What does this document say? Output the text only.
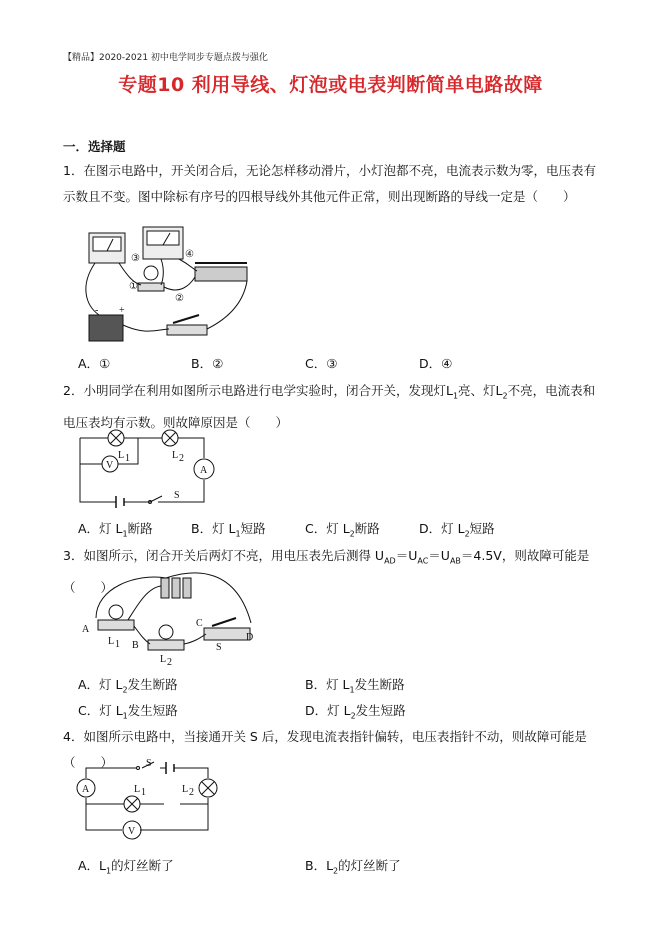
【精品】2020-2021 初中电学同步专题点拨与强化
专题10 利用导线、灯泡或电表判断简单电路故障
一．选择题
1．在图示电路中，开关闭合后，无论怎样移动滑片，小灯泡都不亮，电流表示数为零，电压表有示数且不变。图中除标有序号的四根导线外其他元件正常，则出现断路的导线一定是（　　）
①
②
③	④
+
-
A．①	B．②	C．③	D．④
2．小明同学在利用如图所示电路进行电学实验时，闭合开关，发现灯$L_1$亮、灯$L_2$不亮，电流表和电压表均有示数。则故障原因是（　　）
V	A
S
L 1	L 2
A．灯 $L_1$断路	B．灯 $L_1$短路	C．灯 $L_2$断路	D．灯 $L_2$短路
3．如图所示，闭合开关后两灯不亮，用电压表先后测得 $U_{AD}=U_{AC}=U_{AB}=4.5V$，则故障可能是（　　）
A
B
C
D
S
L 1
L 2
A．灯 $L_2$发生断路	B．灯 $L_1$发生断路
C．灯 $L_1$发生短路	D．灯 $L_2$发生短路
4．如图所示电路中，当接通开关 S 后，发现电流表指针偏转，电压表指针不动，则故障可能是（　　）
A
V
S
L 1	L 2
A．$L_1$的灯丝断了	B．$L_2$的灯丝断了
